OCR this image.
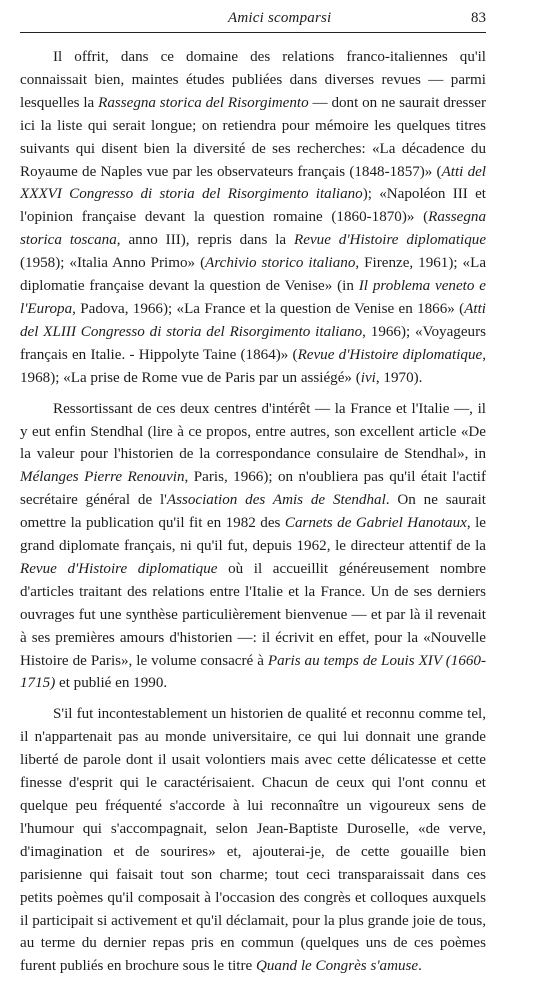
Amici scomparsi	83

Il offrit, dans ce domaine des relations franco-italiennes qu'il connaissait bien, maintes études publiées dans diverses revues — parmi lesquelles la Rassegna storica del Risorgimento — dont on ne saurait dresser ici la liste qui serait longue; on retiendra pour mémoire les quelques titres suivants qui disent bien la diversité de ses recherches: «La décadence du Royaume de Naples vue par les observateurs français (1848-1857)» (Atti del XXXVI Congresso di storia del Risorgimento italiano); «Napoléon III et l'opinion française devant la question romaine (1860-1870)» (Rassegna storica toscana, anno III), repris dans la Revue d'Histoire diplomatique (1958); «Italia Anno Primo» (Archivio storico italiano, Firenze, 1961); «La diplomatie française devant la question de Venise» (in Il problema veneto e l'Europa, Padova, 1966); «La France et la question de Venise en 1866» (Atti del XLIII Congresso di storia del Risorgimento italiano, 1966); «Voyageurs français en Italie. - Hippolyte Taine (1864)» (Revue d'Histoire diplomatique, 1968); «La prise de Rome vue de Paris par un assiégé» (ivi, 1970).

Ressortissant de ces deux centres d'intérêt — la France et l'Italie —, il y eut enfin Stendhal (lire à ce propos, entre autres, son excellent article «De la valeur pour l'historien de la correspondance consulaire de Stendhal», in Mélanges Pierre Renouvin, Paris, 1966); on n'oubliera pas qu'il était l'actif secrétaire général de l'Association des Amis de Stendhal. On ne saurait omettre la publication qu'il fit en 1982 des Carnets de Gabriel Hanotaux, le grand diplomate français, ni qu'il fut, depuis 1962, le directeur attentif de la Revue d'Histoire diplomatique où il accueillit généreusement nombre d'articles traitant des relations entre l'Italie et la France. Un de ses derniers ouvrages fut une synthèse particulièrement bienvenue — et par là il revenait à ses premières amours d'historien —: il écrivit en effet, pour la «Nouvelle Histoire de Paris», le volume consacré à Paris au temps de Louis XIV (1660-1715) et publié en 1990.

S'il fut incontestablement un historien de qualité et reconnu comme tel, il n'appartenait pas au monde universitaire, ce qui lui donnait une grande liberté de parole dont il usait volontiers mais avec cette délicatesse et cette finesse d'esprit qui le caractérisaient. Chacun de ceux qui l'ont connu et quelque peu fréquenté s'accorde à lui reconnaître un vigoureux sens de l'humour qui s'accompagnait, selon Jean-Baptiste Duroselle, «de verve, d'imagination et de sourires» et, ajouterai-je, de cette gouaille bien parisienne qui faisait tout son charme; tout ceci transparaissait dans ces petits poèmes qu'il composait à l'occasion des congrès et colloques auxquels il participait si activement et qu'il déclamait, pour la plus grande joie de tous, au terme du dernier repas pris en commun (quelques uns de ces poèmes furent publiés en brochure sous le titre Quand le Congrès s'amuse.
